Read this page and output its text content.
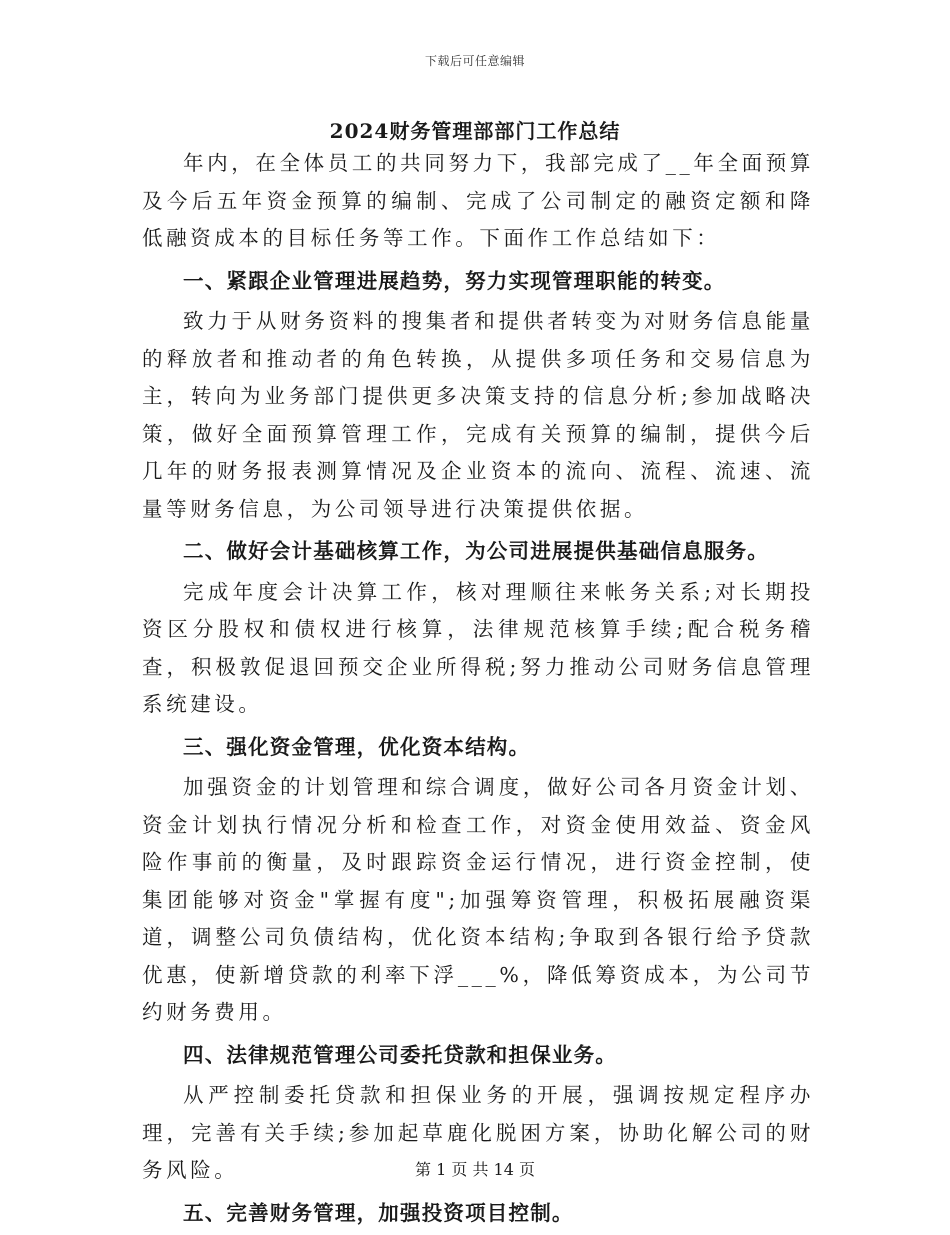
下载后可任意编辑
2024财务管理部部门工作总结

年内，在全体员工的共同努力下，我部完成了__年全面预算及今后五年资金预算的编制、完成了公司制定的融资定额和降低融资成本的目标任务等工作。下面作工作总结如下：

一、紧跟企业管理进展趋势，努力实现管理职能的转变。

致力于从财务资料的搜集者和提供者转变为对财务信息能量的释放者和推动者的角色转换，从提供多项任务和交易信息为主，转向为业务部门提供更多决策支持的信息分析;参加战略决策，做好全面预算管理工作，完成有关预算的编制，提供今后几年的财务报表测算情况及企业资本的流向、流程、流速、流量等财务信息，为公司领导进行决策提供依据。

二、做好会计基础核算工作，为公司进展提供基础信息服务。

完成年度会计决算工作，核对理顺往来帐务关系;对长期投资区分股权和债权进行核算，法律规范核算手续;配合税务稽查，积极敦促退回预交企业所得税;努力推动公司财务信息管理系统建设。

三、强化资金管理，优化资本结构。

加强资金的计划管理和综合调度，做好公司各月资金计划、资金计划执行情况分析和检查工作，对资金使用效益、资金风险作事前的衡量，及时跟踪资金运行情况，进行资金控制，使集团能够对资金"掌握有度";加强筹资管理，积极拓展融资渠道，调整公司负债结构，优化资本结构;争取到各银行给予贷款优惠，使新增贷款的利率下浮___%，降低筹资成本，为公司节约财务费用。

四、法律规范管理公司委托贷款和担保业务。

从严控制委托贷款和担保业务的开展，强调按规定程序办理，完善有关手续;参加起草鹿化脱困方案，协助化解公司的财务风险。

五、完善财务管理，加强投资项目控制。

第 1 页 共 14 页
